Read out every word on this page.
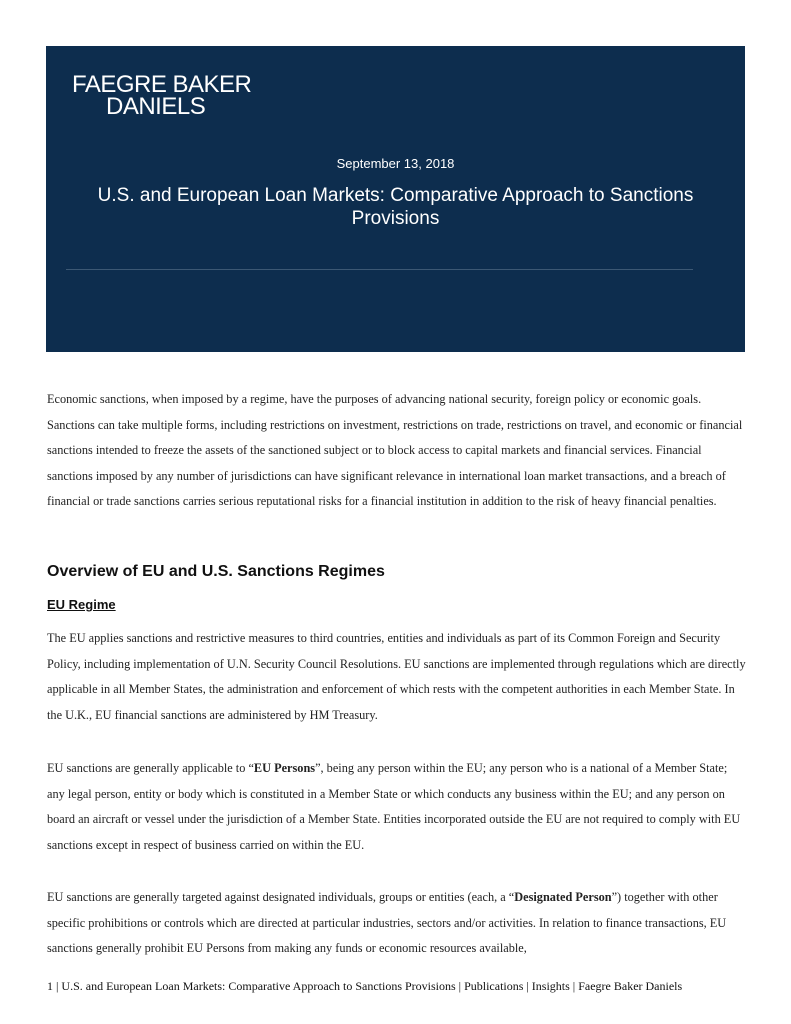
FAEGRE BAKER
DANIELS
September 13, 2018
U.S. and European Loan Markets: Comparative Approach to Sanctions Provisions

Economic sanctions, when imposed by a regime, have the purposes of advancing national security, foreign policy or economic goals. Sanctions can take multiple forms, including restrictions on investment, restrictions on trade, restrictions on travel, and economic or financial sanctions intended to freeze the assets of the sanctioned subject or to block access to capital markets and financial services. Financial sanctions imposed by any number of jurisdictions can have significant relevance in international loan market transactions, and a breach of financial or trade sanctions carries serious reputational risks for a financial institution in addition to the risk of heavy financial penalties.

Overview of EU and U.S. Sanctions Regimes
EU Regime

The EU applies sanctions and restrictive measures to third countries, entities and individuals as part of its Common Foreign and Security Policy, including implementation of U.N. Security Council Resolutions. EU sanctions are implemented through regulations which are directly applicable in all Member States, the administration and enforcement of which rests with the competent authorities in each Member State. In the U.K., EU financial sanctions are administered by HM Treasury.

EU sanctions are generally applicable to “EU Persons”, being any person within the EU; any person who is a national of a Member State; any legal person, entity or body which is constituted in a Member State or which conducts any business within the EU; and any person on board an aircraft or vessel under the jurisdiction of a Member State. Entities incorporated outside the EU are not required to comply with EU sanctions except in respect of business carried on within the EU.

EU sanctions are generally targeted against designated individuals, groups or entities (each, a “Designated Person”) together with other specific prohibitions or controls which are directed at particular industries, sectors and/or activities. In relation to finance transactions, EU sanctions generally prohibit EU Persons from making any funds or economic resources available,

1 | U.S. and European Loan Markets: Comparative Approach to Sanctions Provisions | Publications | Insights | Faegre Baker Daniels
